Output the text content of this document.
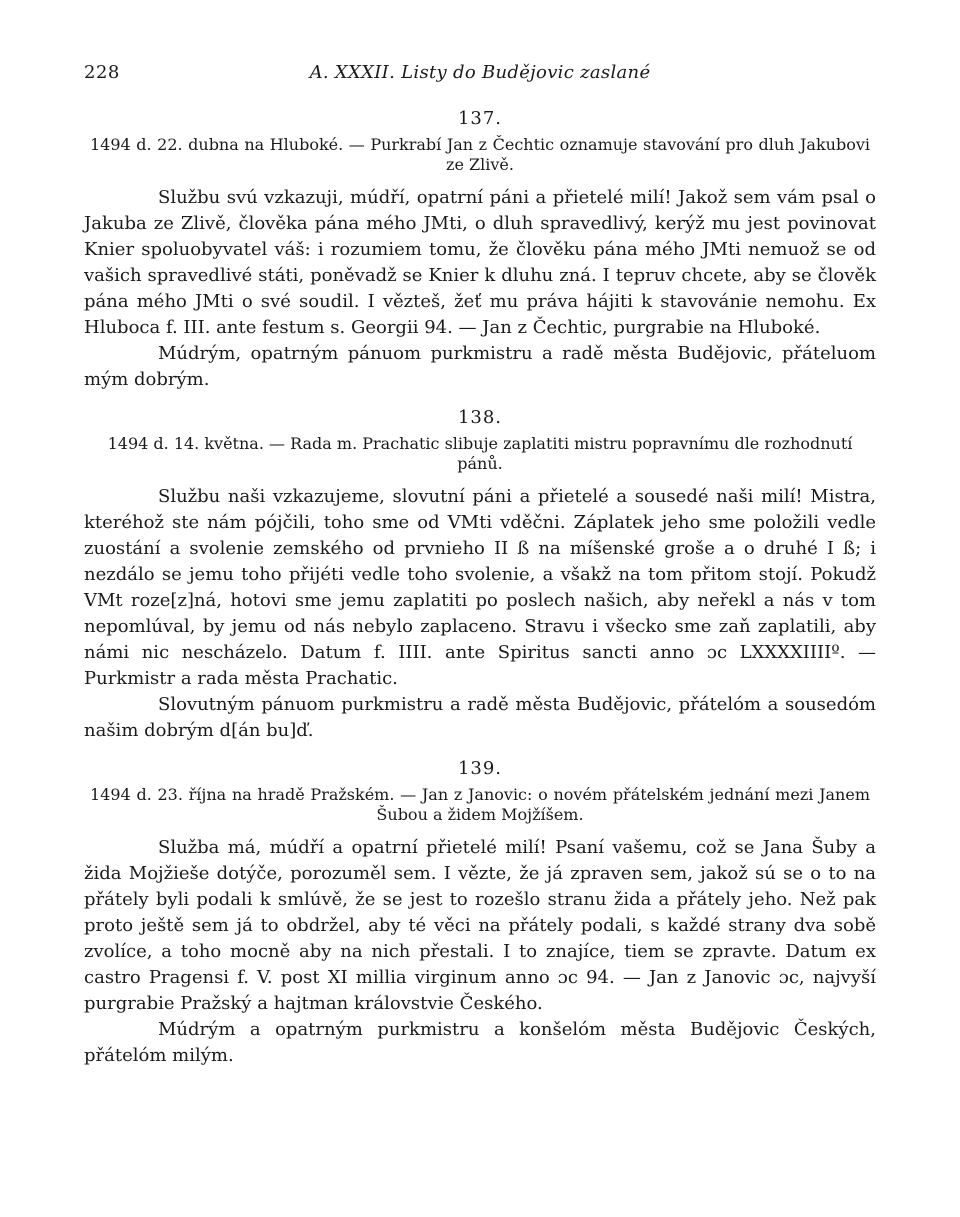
228	A. XXXII. Listy do Budějovic zaslané
137.
1494 d. 22. dubna na Hluboké. — Purkrabí Jan z Čechtic oznamuje stavování pro dluh Jakubovi ze Zlivě.

Službu svú vzkazuji, múdří, opatrní páni a přietelé milí! Jakož sem vám psal o Jakuba ze Zlivě, člověka pána mého JMti, o dluh spravedlivý, kerýž mu jest povinovat Knier spoluobyvatel váš: i rozumiem tomu, že člověku pána mého JMti nemuož se od vašich spravedlivé státi, poněvadž se Knier k dluhu zná. I tepruv chcete, aby se člověk pána mého JMti o své soudil. I vězteš, žeť mu práva hájiti k stavovánie nemohu. Ex Hluboca f. III. ante festum s. Georgii 94. — Jan z Čechtic, purgrabie na Hluboké.

Múdrým, opatrným pánuom purkmistru a radě města Budějovic, přáteluom mým dobrým.

138.
1494 d. 14. května. — Rada m. Prachatic slibuje zaplatiti mistru popravnímu dle rozhodnutí pánů.

Službu naši vzkazujeme, slovutní páni a přietelé a sousedé naši milí! Mistra, kteréhož ste nám pójčili, toho sme od VMti vděčni. Záplatek jeho sme položili vedle zuostání a svolenie zemského od prvnieho II ß na míšenské groše a o druhé I ß; i nezdálo se jemu toho přijéti vedle toho svolenie, a všakž na tom přitom stojí. Pokudž VMt roze[z]ná, hotovi sme jemu zaplatiti po poslech našich, aby neřekl a nás v tom nepomlúval, by jemu od nás nebylo zaplaceno. Stravu i všecko sme zaň zaplatili, aby námi nic nescházelo. Datum f. IIII. ante Spiritus sancti anno ɔc LXXXXIIIIº. — Purkmistr a rada města Prachatic.

Slovutným pánuom purkmistru a radě města Budějovic, přátelóm a sousedóm našim dobrým d[án bu]ď.

139.
1494 d. 23. října na hradě Pražském. — Jan z Janovic: o novém přátelském jednání mezi Janem Šubou a židem Mojžíšem.

Služba má, múdří a opatrní přietelé milí! Psaní vašemu, což se Jana Šuby a žida Mojžieše dotýče, porozuměl sem. I vězte, že já zpraven sem, jakož sú se o to na přátely byli podali k smlúvě, že se jest to rozešlo stranu žida a přátely jeho. Než pak proto ještě sem já to obdržel, aby té věci na přátely podali, s každé strany dva sobě zvolíce, a toho mocně aby na nich přestali. I to znajíce, tiem se zpravte. Datum ex castro Pragensi f. V. post XI millia virginum anno ɔc 94. — Jan z Janovic ɔc, najvyší purgrabie Pražský a hajtman královstvie Českého.

Múdrým a opatrným purkmistru a konšelóm města Budějovic Českých, přátelóm milým.
